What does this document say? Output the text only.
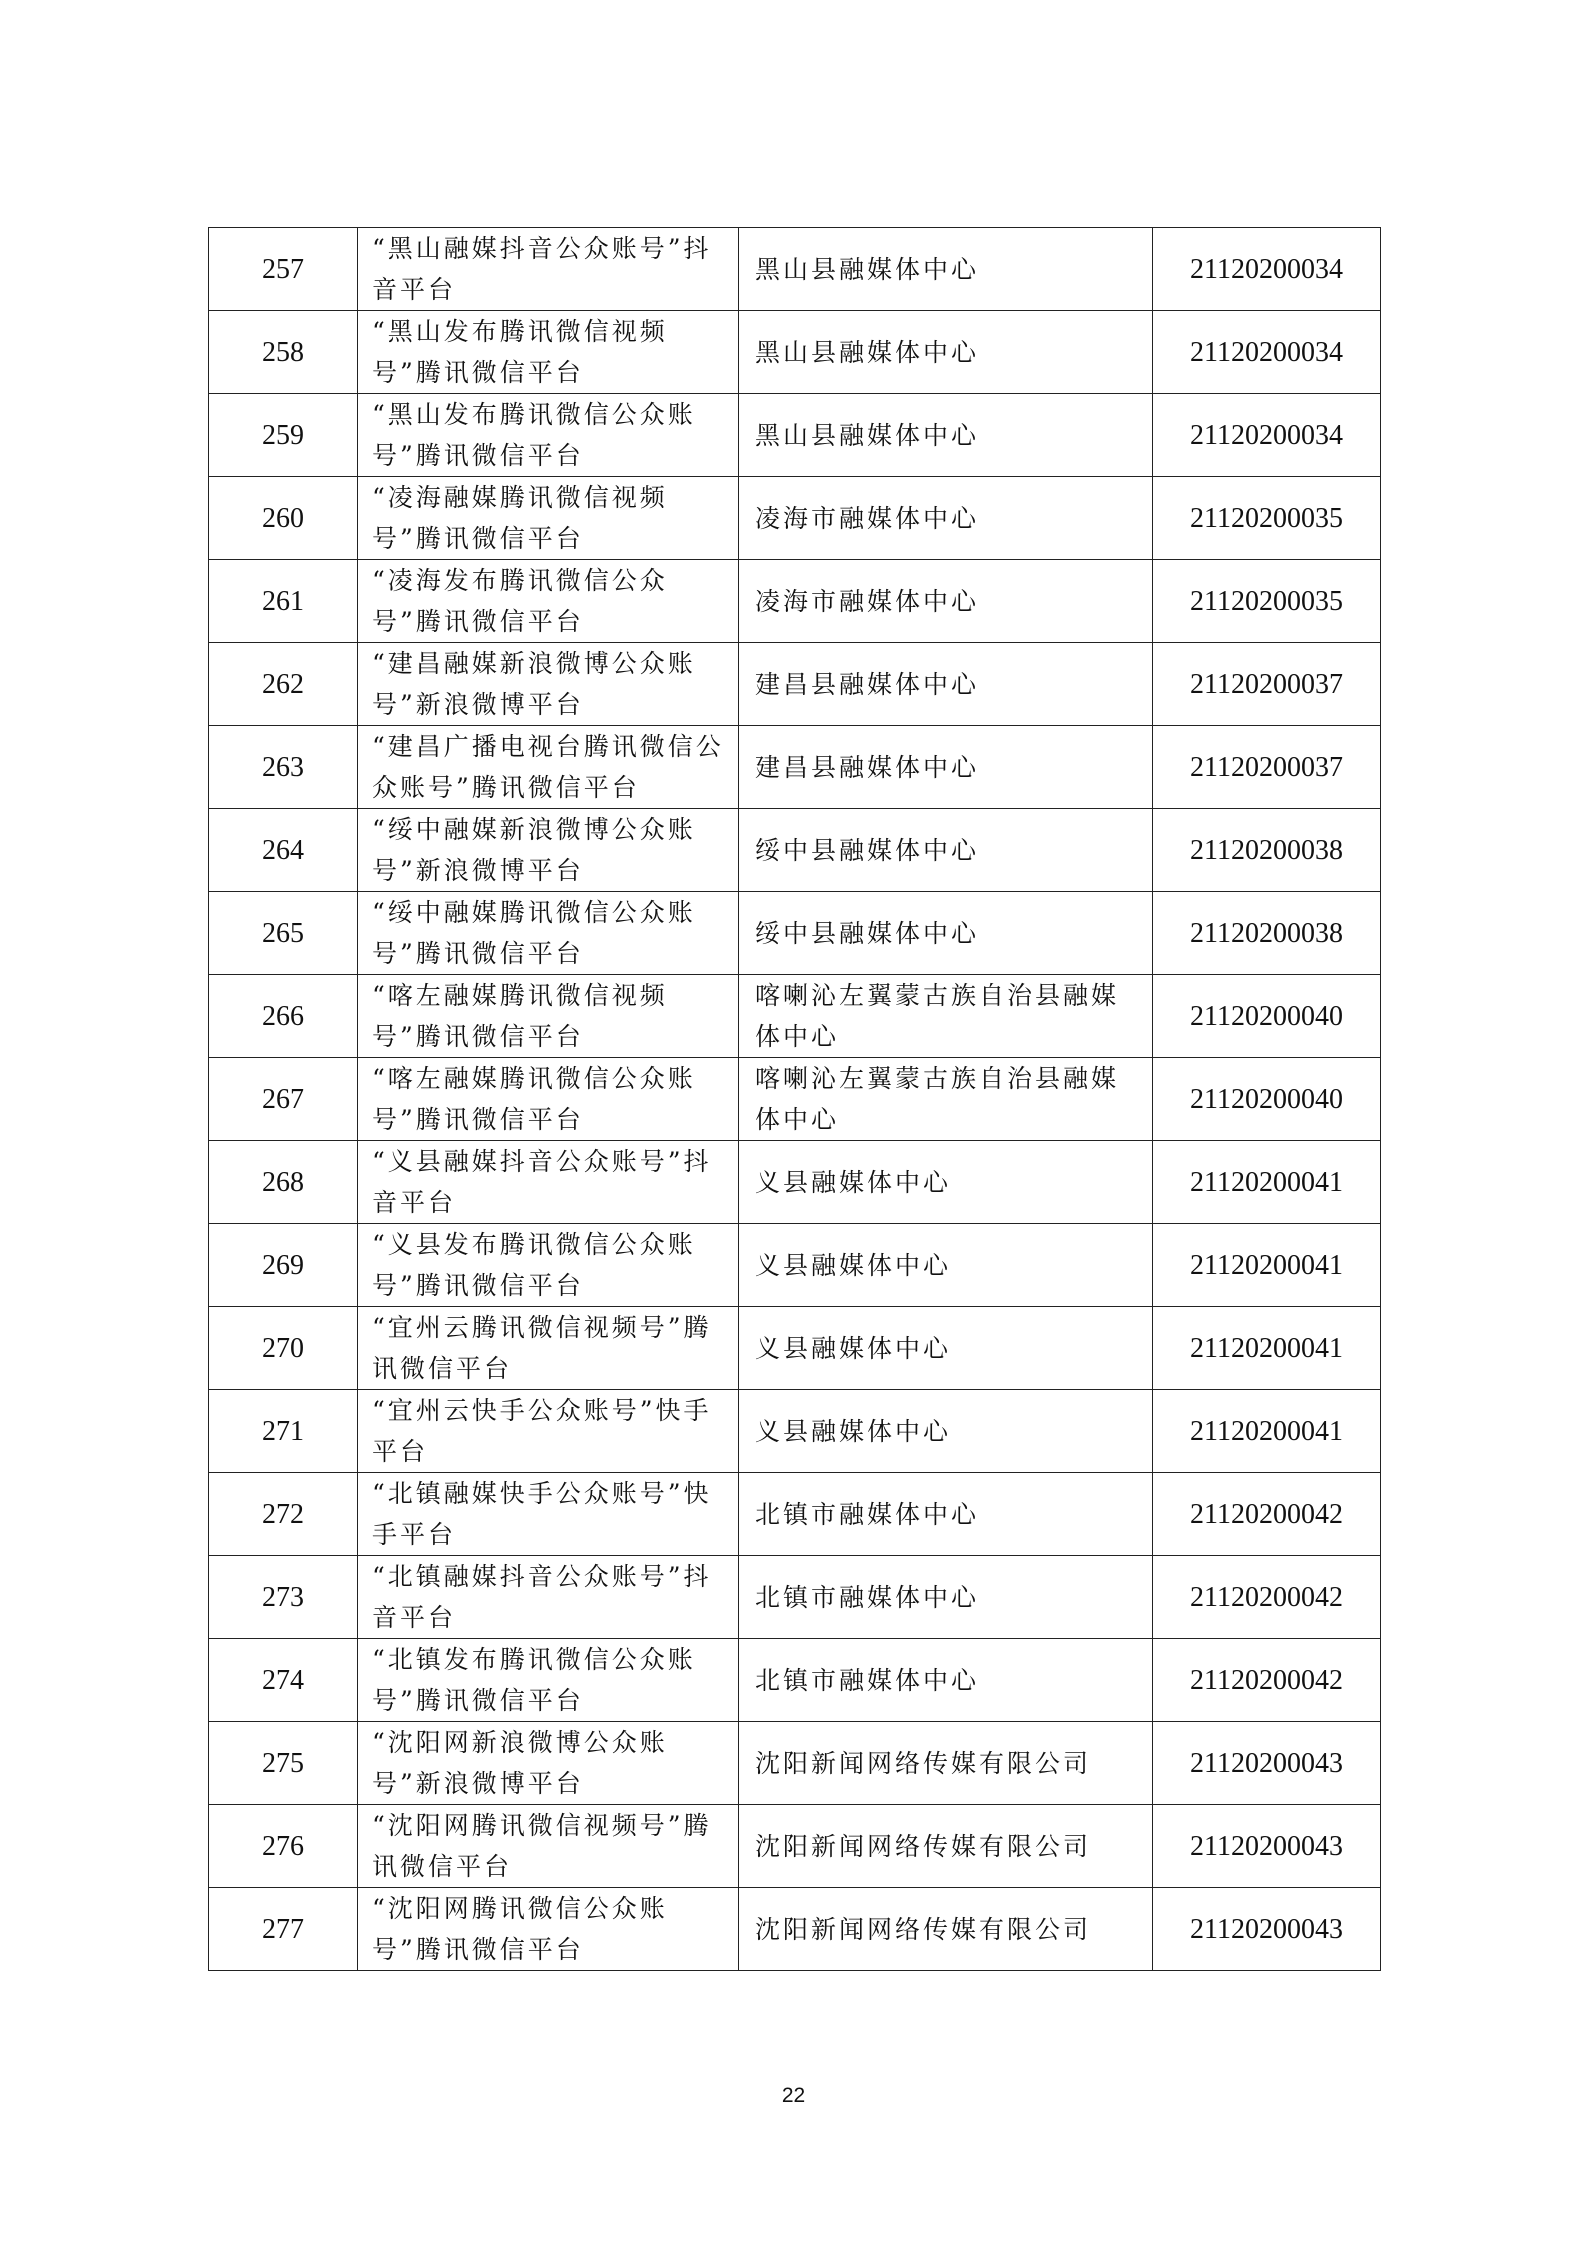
257	“黑山融媒抖音公众账号”抖音平台	黑山县融媒体中心	21120200034
258	“黑山发布腾讯微信视频号”腾讯微信平台	黑山县融媒体中心	21120200034
259	“黑山发布腾讯微信公众账号”腾讯微信平台	黑山县融媒体中心	21120200034
260	“凌海融媒腾讯微信视频号”腾讯微信平台	凌海市融媒体中心	21120200035
261	“凌海发布腾讯微信公众号”腾讯微信平台	凌海市融媒体中心	21120200035
262	“建昌融媒新浪微博公众账号”新浪微博平台	建昌县融媒体中心	21120200037
263	“建昌广播电视台腾讯微信公众账号”腾讯微信平台	建昌县融媒体中心	21120200037
264	“绥中融媒新浪微博公众账号”新浪微博平台	绥中县融媒体中心	21120200038
265	“绥中融媒腾讯微信公众账号”腾讯微信平台	绥中县融媒体中心	21120200038
266	“喀左融媒腾讯微信视频号”腾讯微信平台	喀喇沁左翼蒙古族自治县融媒体中心	21120200040
267	“喀左融媒腾讯微信公众账号”腾讯微信平台	喀喇沁左翼蒙古族自治县融媒体中心	21120200040
268	“义县融媒抖音公众账号”抖音平台	义县融媒体中心	21120200041
269	“义县发布腾讯微信公众账号”腾讯微信平台	义县融媒体中心	21120200041
270	“宜州云腾讯微信视频号”腾讯微信平台	义县融媒体中心	21120200041
271	“宜州云快手公众账号”快手平台	义县融媒体中心	21120200041
272	“北镇融媒快手公众账号”快手平台	北镇市融媒体中心	21120200042
273	“北镇融媒抖音公众账号”抖音平台	北镇市融媒体中心	21120200042
274	“北镇发布腾讯微信公众账号”腾讯微信平台	北镇市融媒体中心	21120200042
275	“沈阳网新浪微博公众账号”新浪微博平台	沈阳新闻网络传媒有限公司	21120200043
276	“沈阳网腾讯微信视频号”腾讯微信平台	沈阳新闻网络传媒有限公司	21120200043
277	“沈阳网腾讯微信公众账号”腾讯微信平台	沈阳新闻网络传媒有限公司	21120200043
22
